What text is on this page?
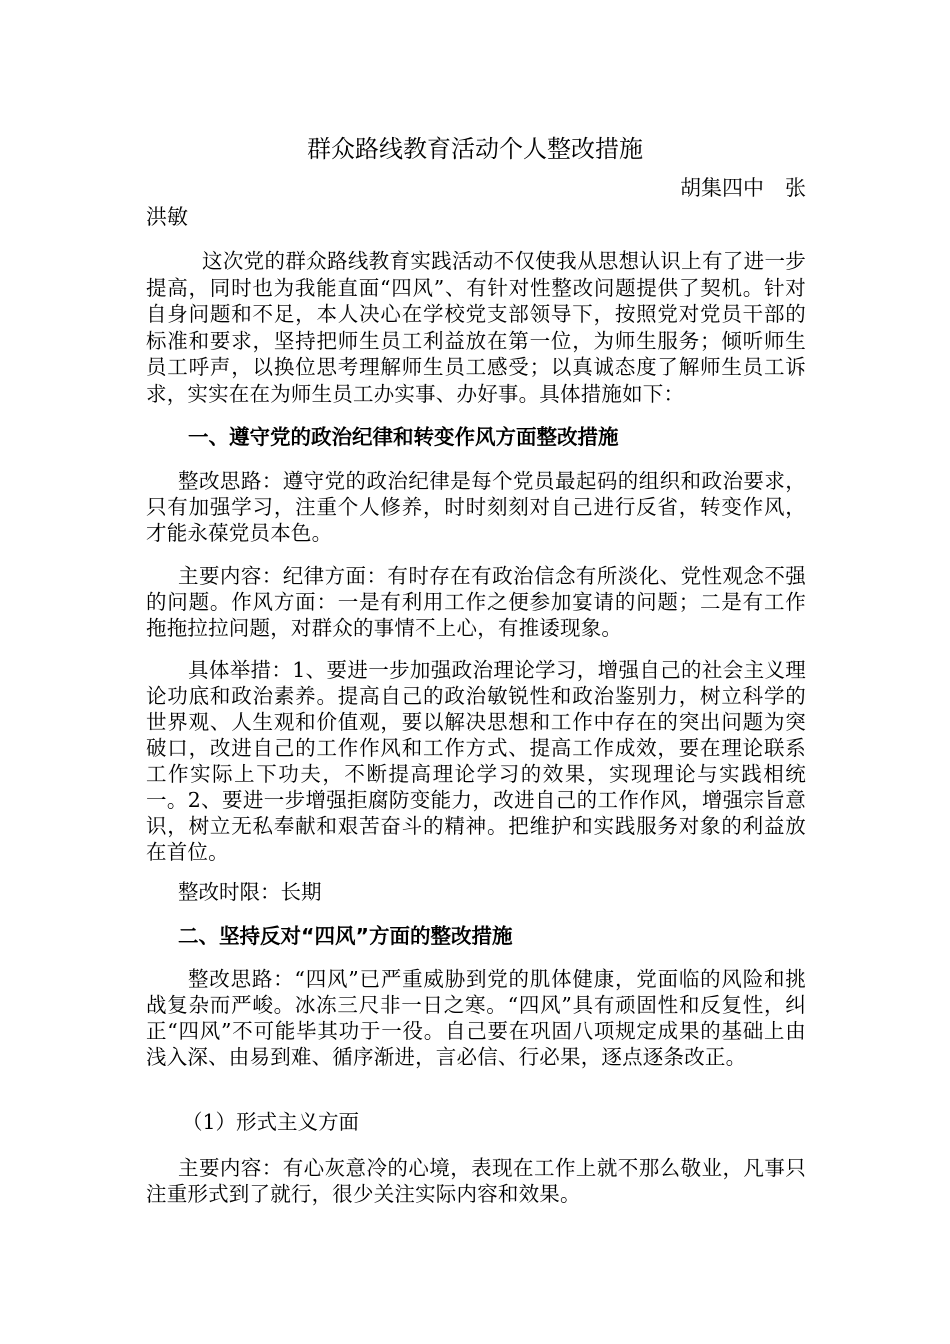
群众路线教育活动个人整改措施
胡集四中　张
洪敏
这次党的群众路线教育实践活动不仅使我从思想认识上有了进一步提高，同时也为我能直面“四风”、有针对性整改问题提供了契机。针对自身问题和不足，本人决心在学校党支部领导下，按照党对党员干部的标准和要求，坚持把师生员工利益放在第一位，为师生服务；倾听师生员工呼声，以换位思考理解师生员工感受；以真诚态度了解师生员工诉求，实实在在为师生员工办实事、办好事。具体措施如下：
一、遵守党的政治纪律和转变作风方面整改措施
整改思路：遵守党的政治纪律是每个党员最起码的组织和政治要求，只有加强学习，注重个人修养，时时刻刻对自己进行反省，转变作风，才能永葆党员本色。
主要内容：纪律方面：有时存在有政治信念有所淡化、党性观念不强的问题。作风方面：一是有利用工作之便参加宴请的问题；二是有工作拖拖拉拉问题，对群众的事情不上心，有推诿现象。
具体举措：1、要进一步加强政治理论学习，增强自己的社会主义理论功底和政治素养。提高自己的政治敏锐性和政治鉴别力，树立科学的世界观、人生观和价值观，要以解决思想和工作中存在的突出问题为突破口，改进自己的工作作风和工作方式、提高工作成效，要在理论联系工作实际上下功夫，不断提高理论学习的效果，实现理论与实践相统一。2、要进一步增强拒腐防变能力，改进自己的工作作风，增强宗旨意识，树立无私奉献和艰苦奋斗的精神。把维护和实践服务对象的利益放在首位。
整改时限：长期
二、坚持反对“四风”方面的整改措施
整改思路：“四风”已严重威胁到党的肌体健康，党面临的风险和挑战复杂而严峻。冰冻三尺非一日之寒。“四风”具有顽固性和反复性，纠正“四风”不可能毕其功于一役。自己要在巩固八项规定成果的基础上由浅入深、由易到难、循序渐进，言必信、行必果，逐点逐条改正。
（1）形式主义方面
主要内容：有心灰意冷的心境，表现在工作上就不那么敬业，凡事只注重形式到了就行，很少关注实际内容和效果。
